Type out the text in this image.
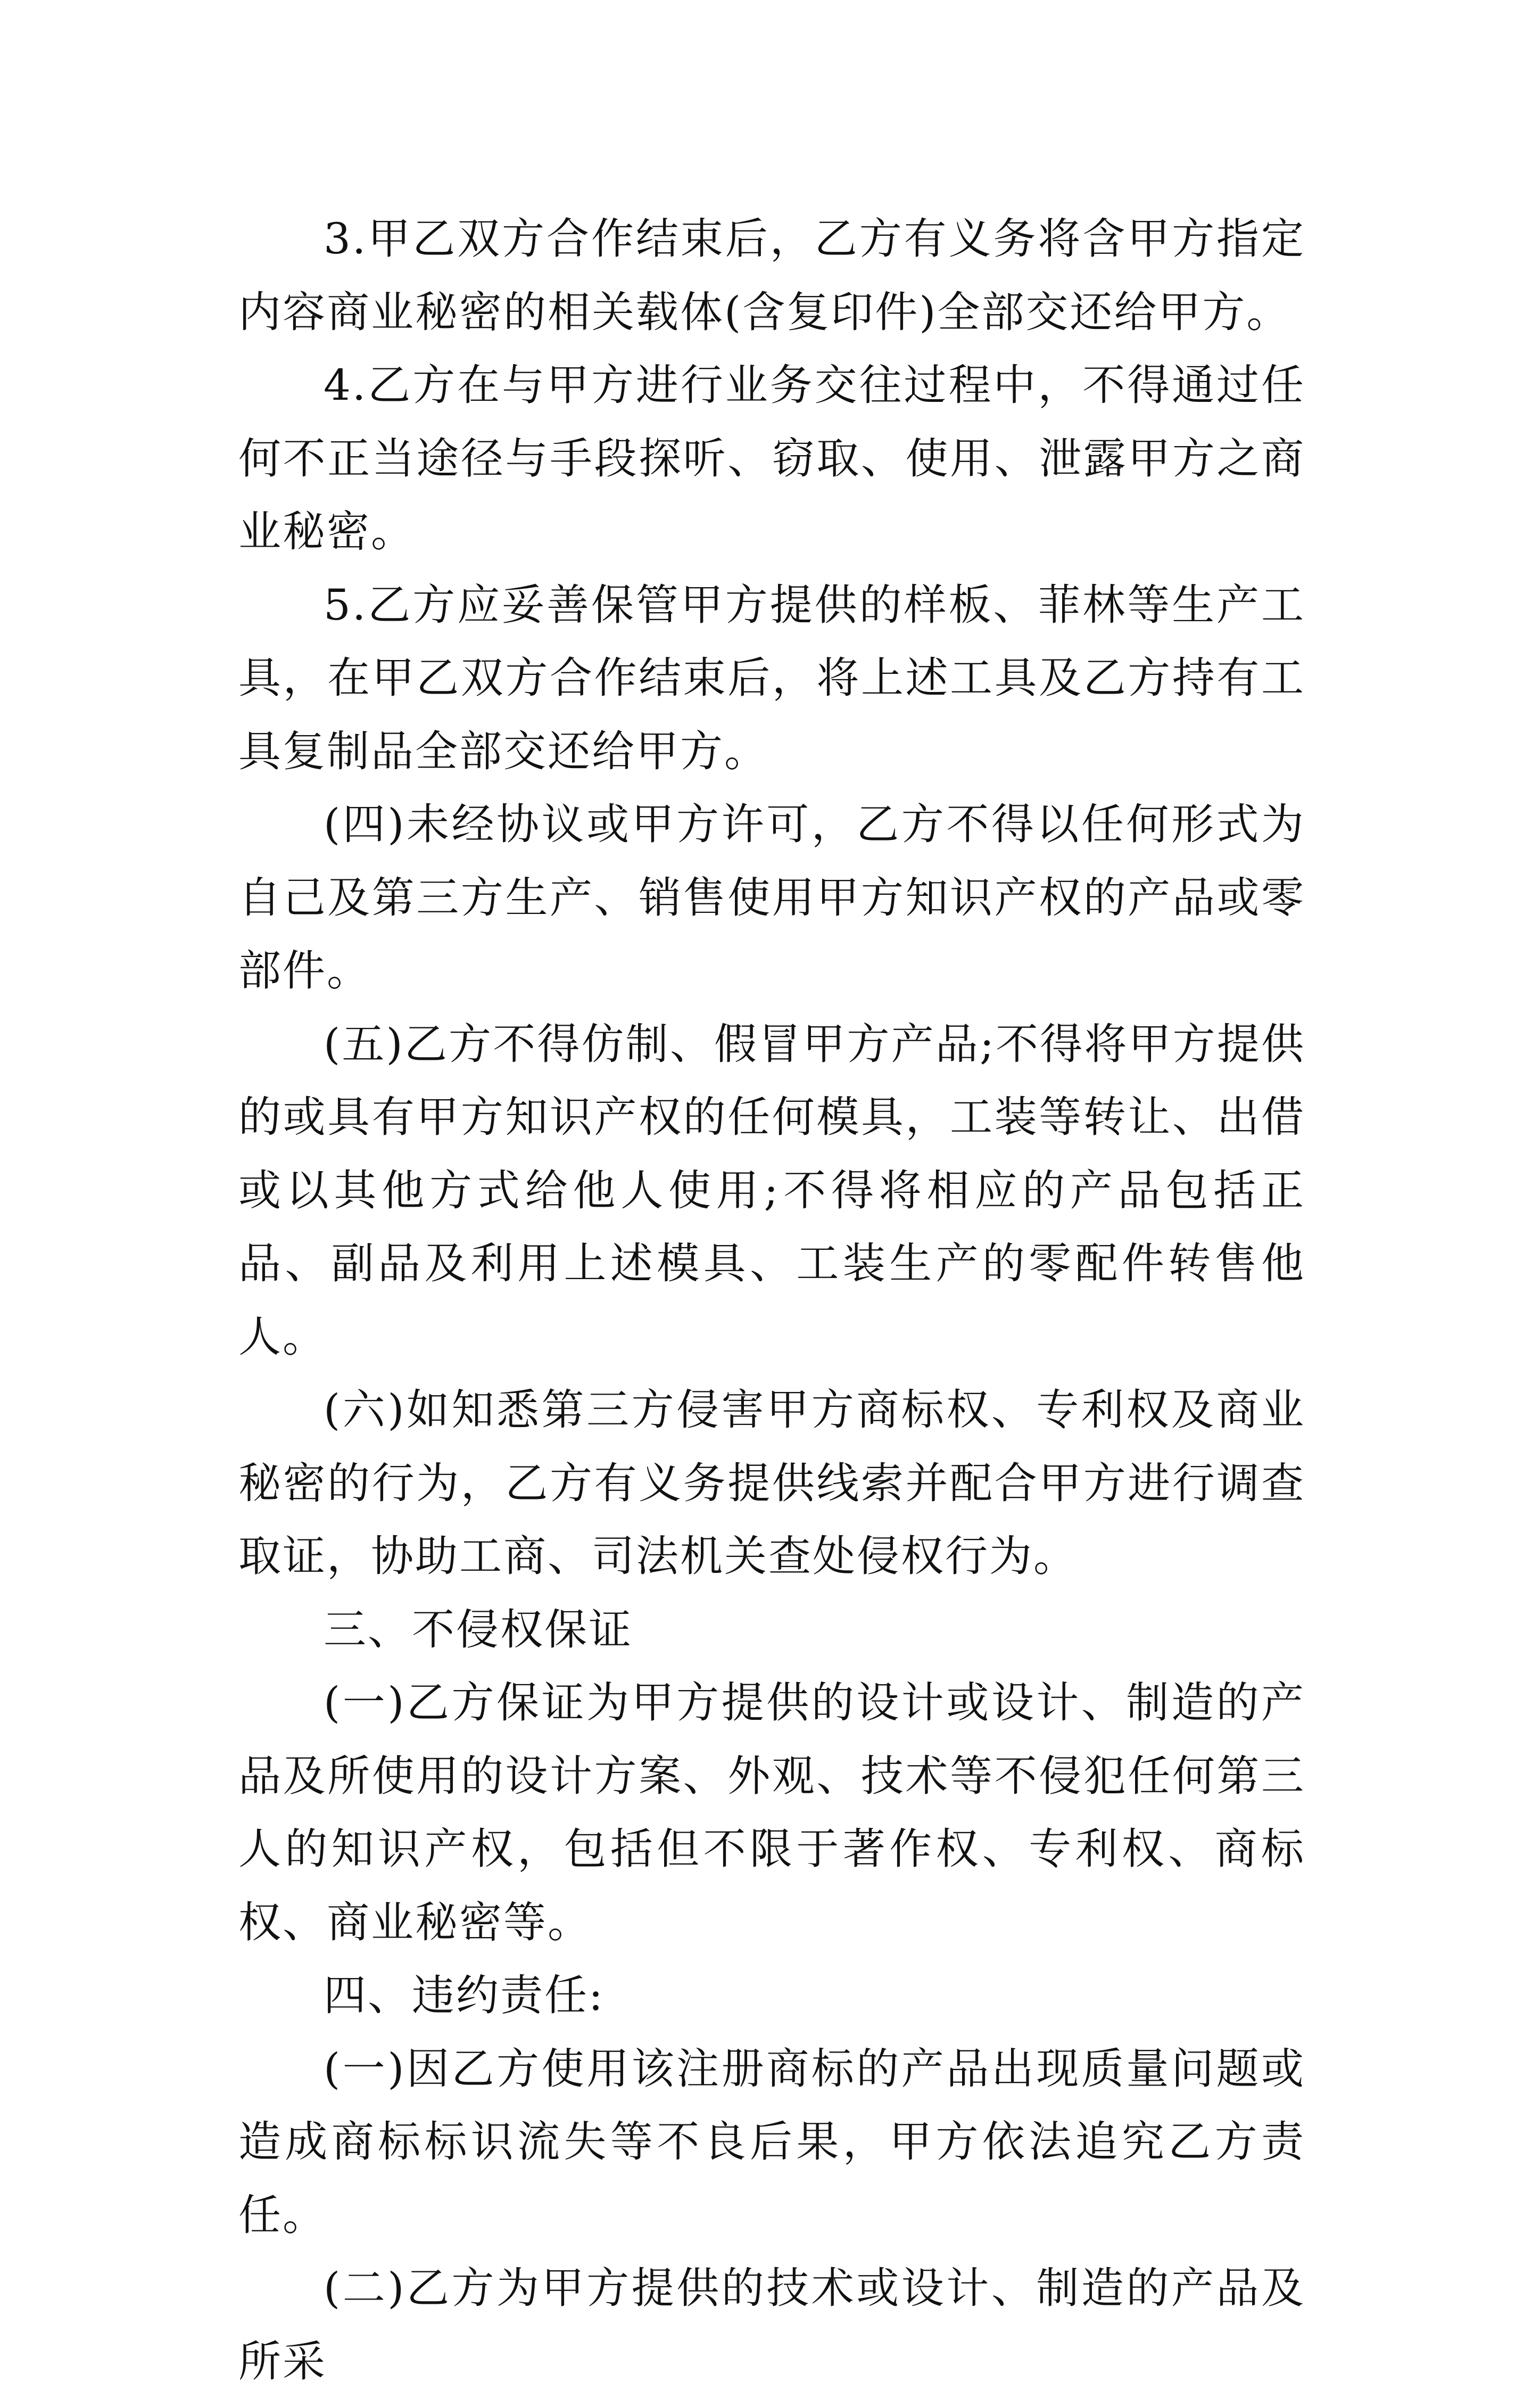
3.甲乙双方合作结束后，乙方有义务将含甲方指定内容商业秘密的相关载体(含复印件)全部交还给甲方。

4.乙方在与甲方进行业务交往过程中，不得通过任何不正当途径与手段探听、窃取、使用、泄露甲方之商业秘密。

5.乙方应妥善保管甲方提供的样板、菲林等生产工具，在甲乙双方合作结束后，将上述工具及乙方持有工具复制品全部交还给甲方。

(四)未经协议或甲方许可，乙方不得以任何形式为自己及第三方生产、销售使用甲方知识产权的产品或零部件。

(五)乙方不得仿制、假冒甲方产品;不得将甲方提供的或具有甲方知识产权的任何模具，工装等转让、出借或以其他方式给他人使用;不得将相应的产品包括正品、副品及利用上述模具、工装生产的零配件转售他人。

(六)如知悉第三方侵害甲方商标权、专利权及商业秘密的行为，乙方有义务提供线索并配合甲方进行调查取证，协助工商、司法机关查处侵权行为。

三、不侵权保证

(一)乙方保证为甲方提供的设计或设计、制造的产品及所使用的设计方案、外观、技术等不侵犯任何第三人的知识产权，包括但不限于著作权、专利权、商标权、商业秘密等。

四、违约责任:

(一)因乙方使用该注册商标的产品出现质量问题或造成商标标识流失等不良后果，甲方依法追究乙方责任。

(二)乙方为甲方提供的技术或设计、制造的产品及所采
